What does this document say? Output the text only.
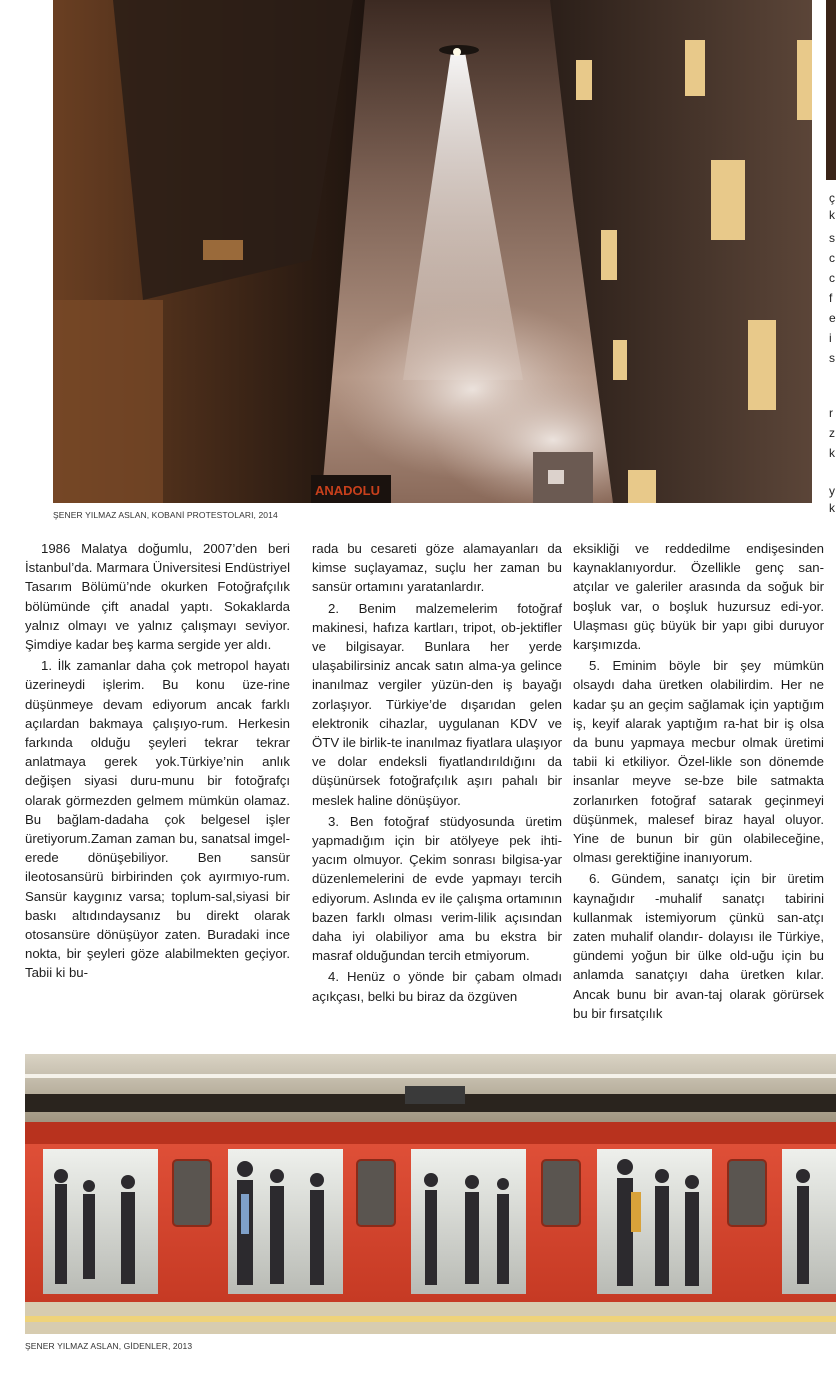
ANADOLU
ç
k
s
c
c
f
e
i
s
r
z
k
y
k
ŞENER YILMAZ ASLAN, KOBANİ PROTESTOLARI, 2014

1986 Malatya doğumlu, 2007’den beri İstanbul’da. Marmara Üniversitesi Endüstriyel Tasarım Bölümü’nde okurken Fotoğrafçılık bölümünde çift anadal yaptı. Sokaklarda yalnız olmayı ve yalnız çalışmayı seviyor. Şimdiye kadar beş karma sergide yer aldı.

1. İlk zamanlar daha çok metropol hayatı üzerineydi işlerim. Bu konu üze-rine düşünmeye devam ediyorum ancak farklı açılardan bakmaya çalışıyo-rum. Herkesin farkında olduğu şeyleri tekrar tekrar anlatmaya gerek yok.Türkiye’nin anlık değişen siyasi duru-munu bir fotoğrafçı olarak görmezden gelmem mümkün olamaz. Bu bağlam-dadaha çok belgesel işler üretiyorum.Zaman zaman bu, sanatsal imgel-erede dönüşebiliyor. Ben sansür ileotosansürü birbirinden çok ayırmıyo-rum. Sansür kaygınız varsa; toplum-sal,siyasi bir baskı altıdındaysanız bu direkt olarak otosansüre dönüşüyor zaten. Buradaki ince nokta, bir şeyleri göze alabilmekten geçiyor. Tabii ki bu-

rada bu cesareti göze alamayanları da kimse suçlayamaz, suçlu her zaman bu sansür ortamını yaratanlardır.

2. Benim malzemelerim fotoğraf makinesi, hafıza kartları, tripot, ob-jektifler ve bilgisayar. Bunlara her yerde ulaşabilirsiniz ancak satın alma-ya gelince inanılmaz vergiler yüzün-den iş bayağı zorlaşıyor. Türkiye’de dışarıdan gelen elektronik cihazlar, uygulanan KDV ve ÖTV ile birlik-te inanılmaz fiyatlara ulaşıyor ve dolar endeksli fiyatlandırıldığını da düşünürsek fotoğrafçılık aşırı pahalı bir meslek haline dönüşüyor.

3. Ben fotoğraf stüdyosunda üretim yapmadığım için bir atölyeye pek ihti-yacım olmuyor. Çekim sonrası bilgisa-yar düzenlemelerini de evde yapmayı tercih ediyorum. Aslında ev ile çalışma ortamının bazen farklı olması verim-lilik açısından daha iyi olabiliyor ama bu ekstra bir masraf olduğundan tercih etmiyorum.

4. Henüz o yönde bir çabam olmadı açıkçası, belki bu biraz da özgüven

eksikliği ve reddedilme endişesinden kaynaklanıyordur. Özellikle genç san-atçılar ve galeriler arasında da soğuk bir boşluk var, o boşluk huzursuz edi-yor. Ulaşması güç büyük bir yapı gibi duruyor karşımızda.

5. Eminim böyle bir şey mümkün olsaydı daha üretken olabilirdim. Her ne kadar şu an geçim sağlamak için yaptığım iş, keyif alarak yaptığım ra-hat bir iş olsa da bunu yapmaya mecbur olmak üretimi tabii ki etkiliyor. Özel-likle son dönemde insanlar meyve se-bze bile satmakta zorlanırken fotoğraf satarak geçinmeyi düşünmek, malesef biraz hayal oluyor. Yine de bunun bir gün olabileceğine, olması gerektiğine inanıyorum.

6. Gündem, sanatçı için bir üretim kaynağıdır -muhalif sanatçı tabirini kullanmak istemiyorum çünkü san-atçı zaten muhalif olandır- dolayısı ile Türkiye, gündemi yoğun bir ülke old-uğu için bu anlamda sanatçıyı daha üretken kılar. Ancak bunu bir avan-taj olarak görürsek bu bir fırsatçılık

ŞENER YILMAZ ASLAN, GİDENLER, 2013
